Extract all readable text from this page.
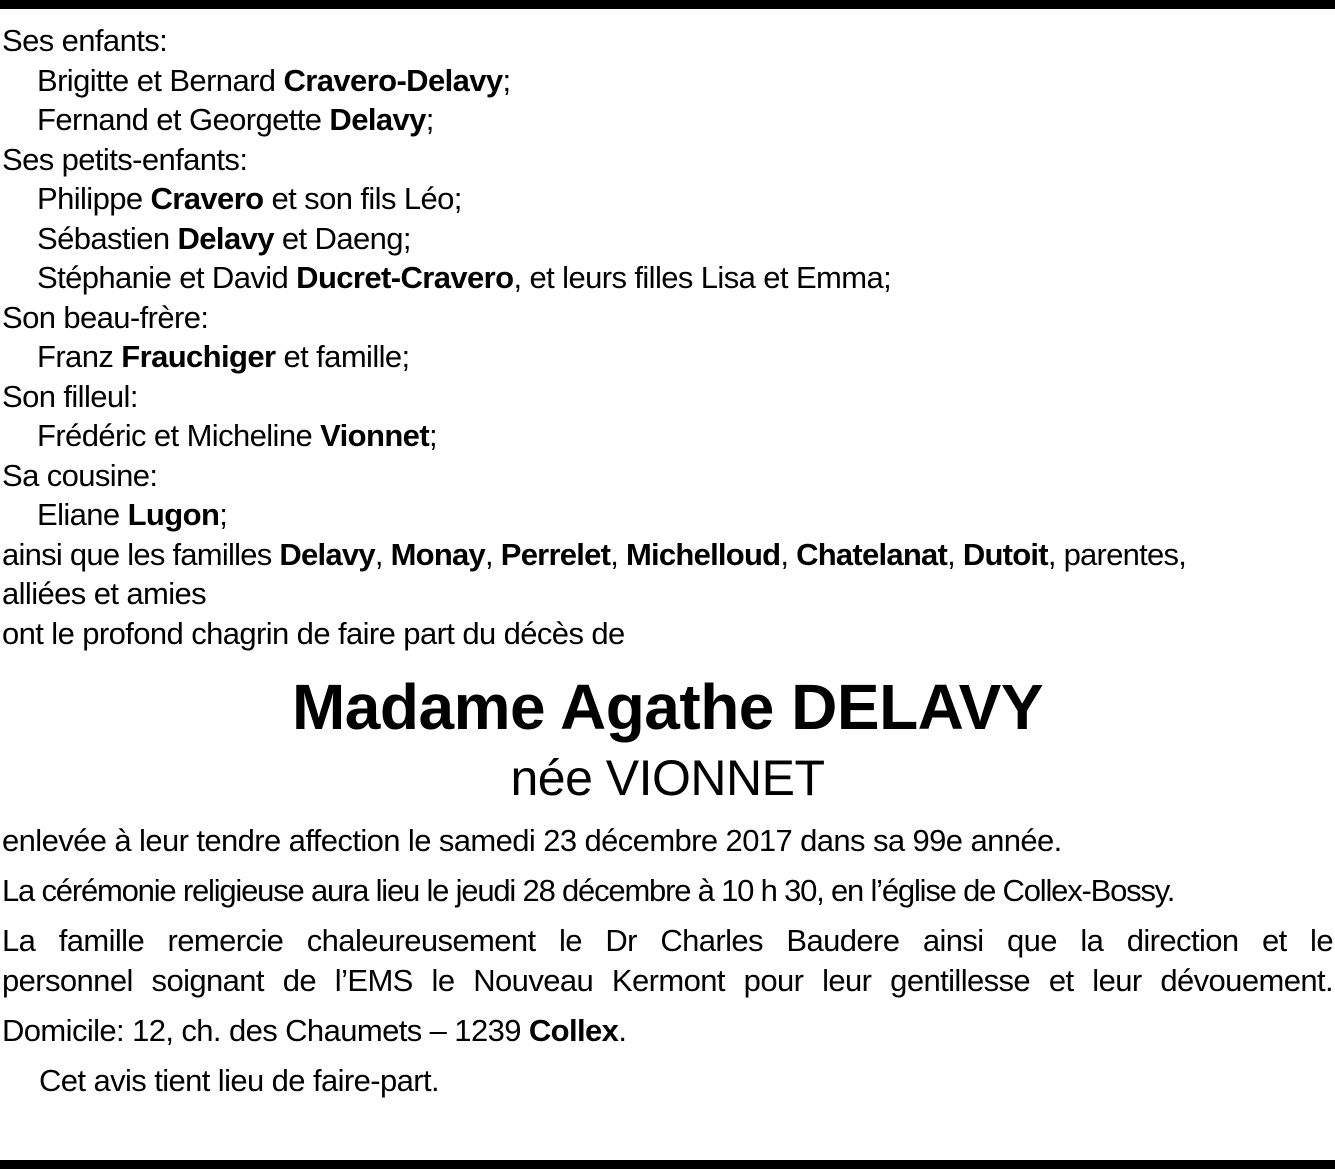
Ses enfants:
Brigitte et Bernard Cravero-Delavy;
Fernand et Georgette Delavy;
Ses petits-enfants:
Philippe Cravero et son fils Léo;
Sébastien Delavy et Daeng;
Stéphanie et David Ducret-Cravero, et leurs filles Lisa et Emma;
Son beau-frère:
Franz Frauchiger et famille;
Son filleul:
Frédéric et Micheline Vionnet;
Sa cousine:
Eliane Lugon;
ainsi que les familles Delavy, Monay, Perrelet, Michelloud, Chatelanat, Dutoit, parentes,
alliées et amies
ont le profond chagrin de faire part du décès de
Madame Agathe DELAVY
née VIONNET
enlevée à leur tendre affection le samedi 23 décembre 2017 dans sa 99e année.
La cérémonie religieuse aura lieu le jeudi 28 décembre à 10 h 30, en l’église de Collex-Bossy.
La famille remercie chaleureusement le Dr Charles Baudere ainsi que la direction et le
personnel soignant de l’EMS le Nouveau Kermont pour leur gentillesse et leur dévouement.
Domicile: 12, ch. des Chaumets – 1239 Collex.
Cet avis tient lieu de faire-part.
